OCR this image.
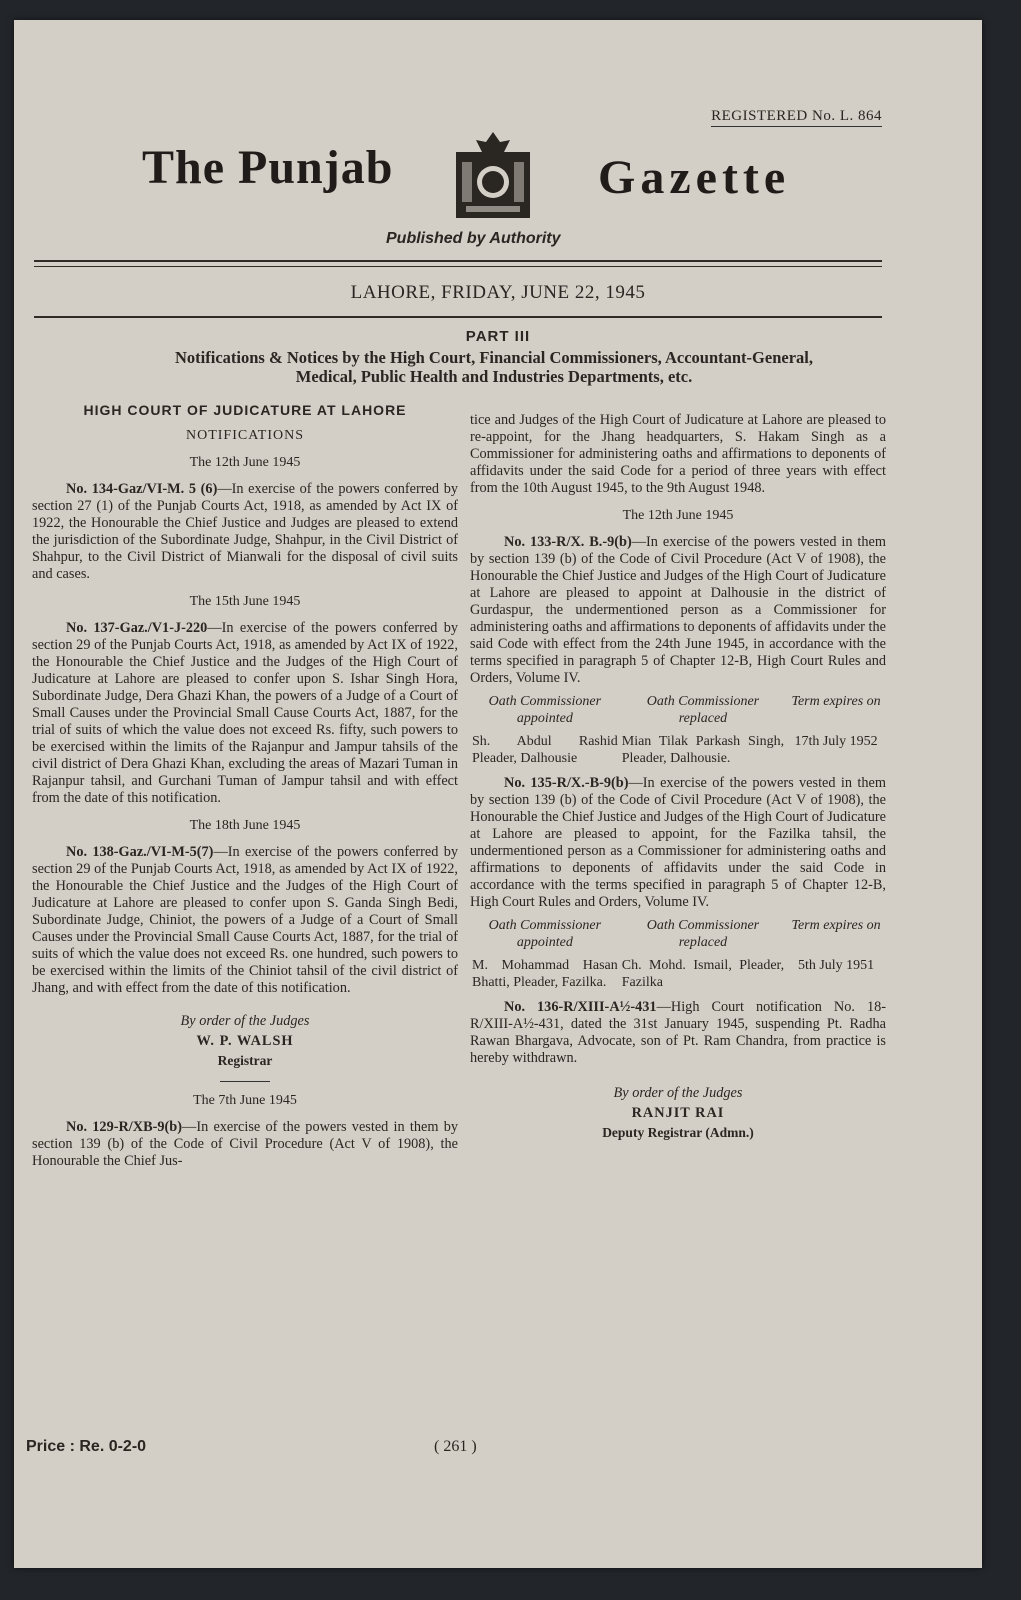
REGISTERED No. L. 864
The Punjab	Gazette
Published by Authority
LAHORE, FRIDAY, JUNE 22, 1945
PART III
Notifications & Notices by the High Court, Financial Commissioners, Accountant-General,
Medical, Public Health and Industries Departments, etc.
HIGH COURT OF JUDICATURE AT LAHORE
NOTIFICATIONS
The 12th June 1945

No. 134-Gaz/VI-M. 5 (6)—In exercise of the powers conferred by section 27 (1) of the Punjab Courts Act, 1918, as amended by Act IX of 1922, the Honourable the Chief Justice and Judges are pleased to extend the jurisdiction of the Subordinate Judge, Shahpur, in the Civil District of Shahpur, to the Civil District of Mianwali for the disposal of civil suits and cases.

The 15th June 1945

No. 137-Gaz./V1-J-220—In exercise of the powers conferred by section 29 of the Punjab Courts Act, 1918, as amended by Act IX of 1922, the Honourable the Chief Justice and the Judges of the High Court of Judicature at Lahore are pleased to confer upon S. Ishar Singh Hora, Subordinate Judge, Dera Ghazi Khan, the powers of a Judge of a Court of Small Causes under the Provincial Small Cause Courts Act, 1887, for the trial of suits of which the value does not exceed Rs. fifty, such powers to be exercised within the limits of the Rajanpur and Jampur tahsils of the civil district of Dera Ghazi Khan, excluding the areas of Mazari Tuman in Rajanpur tahsil, and Gurchani Tuman of Jampur tahsil and with effect from the date of this notification.

The 18th June 1945

No. 138-Gaz./VI-M-5(7)—In exercise of the powers conferred by section 29 of the Punjab Courts Act, 1918, as amended by Act IX of 1922, the Honourable the Chief Justice and the Judges of the High Court of Judicature at Lahore are pleased to confer upon S. Ganda Singh Bedi, Subordinate Judge, Chiniot, the powers of a Judge of a Court of Small Causes under the Provincial Small Cause Courts Act, 1887, for the trial of suits of which the value does not exceed Rs. one hundred, such powers to be exercised within the limits of the Chiniot tahsil of the civil district of Jhang, and with effect from the date of this notification.

By order of the Judges
W. P. WALSH
Registrar
The 7th June 1945

No. 129-R/XB-9(b)—In exercise of the powers vested in them by section 139 (b) of the Code of Civil Procedure (Act V of 1908), the Honourable the Chief Jus-

tice and Judges of the High Court of Judicature at Lahore are pleased to re-appoint, for the Jhang headquarters, S. Hakam Singh as a Commissioner for administering oaths and affirmations to deponents of affidavits under the said Code for a period of three years with effect from the 10th August 1945, to the 9th August 1948.

The 12th June 1945

No. 133-R/X. B.-9(b)—In exercise of the powers vested in them by section 139 (b) of the Code of Civil Procedure (Act V of 1908), the Honourable the Chief Justice and Judges of the High Court of Judicature at Lahore are pleased to appoint at Dalhousie in the district of Gurdaspur, the undermentioned person as a Commissioner for administering oaths and affirmations to deponents of affidavits under the said Code with effect from the 24th June 1945, in accordance with the terms specified in paragraph 5 of Chapter 12-B, High Court Rules and Orders, Volume IV.

Oath Commissioner appointed	Oath Commissioner replaced	Term expires on
Sh. Abdul Rashid Pleader, Dalhousie	Mian Tilak Parkash Singh, Pleader, Dalhousie.	17th July 1952

No. 135-R/X.-B-9(b)—In exercise of the powers vested in them by section 139 (b) of the Code of Civil Procedure (Act V of 1908), the Honourable the Chief Justice and Judges of the High Court of Judicature at Lahore are pleased to appoint, for the Fazilka tahsil, the undermentioned person as a Commissioner for administering oaths and affirmations to deponents of affidavits under the said Code in accordance with the terms specified in paragraph 5 of Chapter 12-B, High Court Rules and Orders, Volume IV.

Oath Commissioner appointed	Oath Commissioner replaced	Term expires on
M. Mohammad Hasan Bhatti, Pleader, Fazilka.	Ch. Mohd. Ismail, Pleader, Fazilka	5th July 1951

No. 136-R/XIII-A½-431—High Court notification No. 18-R/XIII-A½-431, dated the 31st January 1945, suspending Pt. Radha Rawan Bhargava, Advocate, son of Pt. Ram Chandra, from practice is hereby withdrawn.

By order of the Judges
RANJIT RAI
Deputy Registrar (Admn.)
Price : Re. 0-2-0	( 261 )
